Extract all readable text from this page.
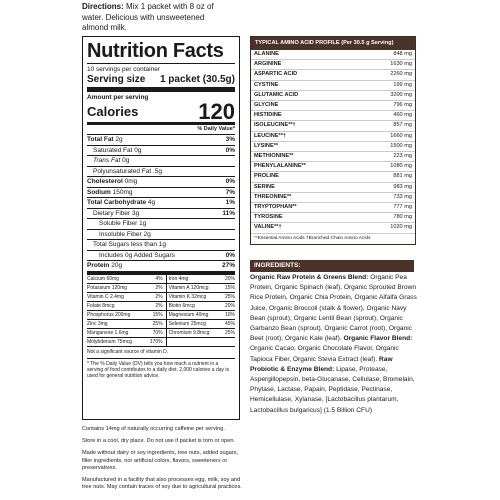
Directions: Mix 1 packet with 8 oz of water. Delicious with unsweetened almond milk.
Nutrition Facts
10 servings per container
Serving size 1 packet (30.5g)
Amount per serving
Calories	120
% Daily Value*
Total Fat 2g	3%
Saturated Fat 0g	0%
Trans Fat 0g
Polyunsaturated Fat .5g
Cholesterol 0mg	0%
Sodium 150mg	7%
Total Carbohydrate 4g	1%
Dietary Fiber 3g	11%
Soluble Fiber 1g
Insoluble Fiber 2g
Total Sugars less than 1g
Includes 0g Added Sugars	0%
Protein 20g	27%
Calcium 60mg	4%	Iron 4mg	20%
Potassium 120mg	2%	Vitamin A 120mcg	15%
Vitamin C 2.4mg	2%	Vitamin K 32mcg	25%
Folate 8mcg	2%	Biotin 6mcg	20%
Phosphorus 200mg	15%	Magnesium 40mg	10%
Zinc 3mg	25%	Selenium 25mcg	45%
Manganese 1.6mg	70%	Chromium 9.8mcg	25%
Molybdenum 75mcg	170%		
Not a significant source of vitamin D.
* The % Daily Value (DV) tells you how much a nutrient in a serving of food contributes to a daily diet. 2,000 calories a day is used for general nutrition advice.

Contains 14mg of naturally occurring caffeine per serving.

Store in a cool, dry place. Do not use if packet is torn or open.

Made without dairy or soy ingredients, tree nuts, added sugars, filler ingredients, nor artificial colors, flavors, sweeteners or preservatives.

Manufactured in a facility that also processes egg, milk, soy and tree nuts. May contain traces of soy due to agricultural practices.

TYPICAL AMINO ACID PROFILE (Per 30.5 g Serving)
ALANINE	848 mg
ARGININE	1630 mg
ASPARTIC ACID	2260 mg
CYSTINE	199 mg
GLUTAMIC ACID	3200 mg
GLYCINE	796 mg
HISTIDINE	460 mg
ISOLEUCINE**†	857 mg
LEUCINE**†	1660 mg
LYSINE**	1500 mg
METHIONINE**	223 mg
PHENYLALANINE**	1080 mg
PROLINE	881 mg
SERINE	983 mg
THREONINE**	733 mg
TRYPTOPHAN**	777 mg
TYROSINE	780 mg
VALINE**†	1020 mg
**Essential Amino Acids †Branched Chain Amino Acids
INGREDIENTS:
Organic Raw Protein & Greens Blend: Organic Pea Protein, Organic Spinach (leaf), Organic Sprouted Brown Rice Protein, Organic Chia Protein, Organic Alfalfa Grass Juice, Organic Broccoli (stalk & flower), Organic Navy Bean (sprout), Organic Lentil Bean (sprout), Organic Garbanzo Bean (sprout), Organic Carrot (root), Organic Beet (root), Organic Kale (leaf). Organic Flavor Blend: Organic Cacao, Organic Chocolate Flavor, Organic Tapioca Fiber, Organic Stevia Extract (leaf). Raw Probiotic & Enzyme Blend: Lipase, Protease, Aspergillopepsin, beta-Glucanase, Cellulase, Bromelain, Phytase, Lactase, Papain, Peptidase, Pectinase, Hemicellulase, Xylanase, [Lactobacillus plantarum, Lactobacillus bulgaricus] (1.5 Billion CFU)
